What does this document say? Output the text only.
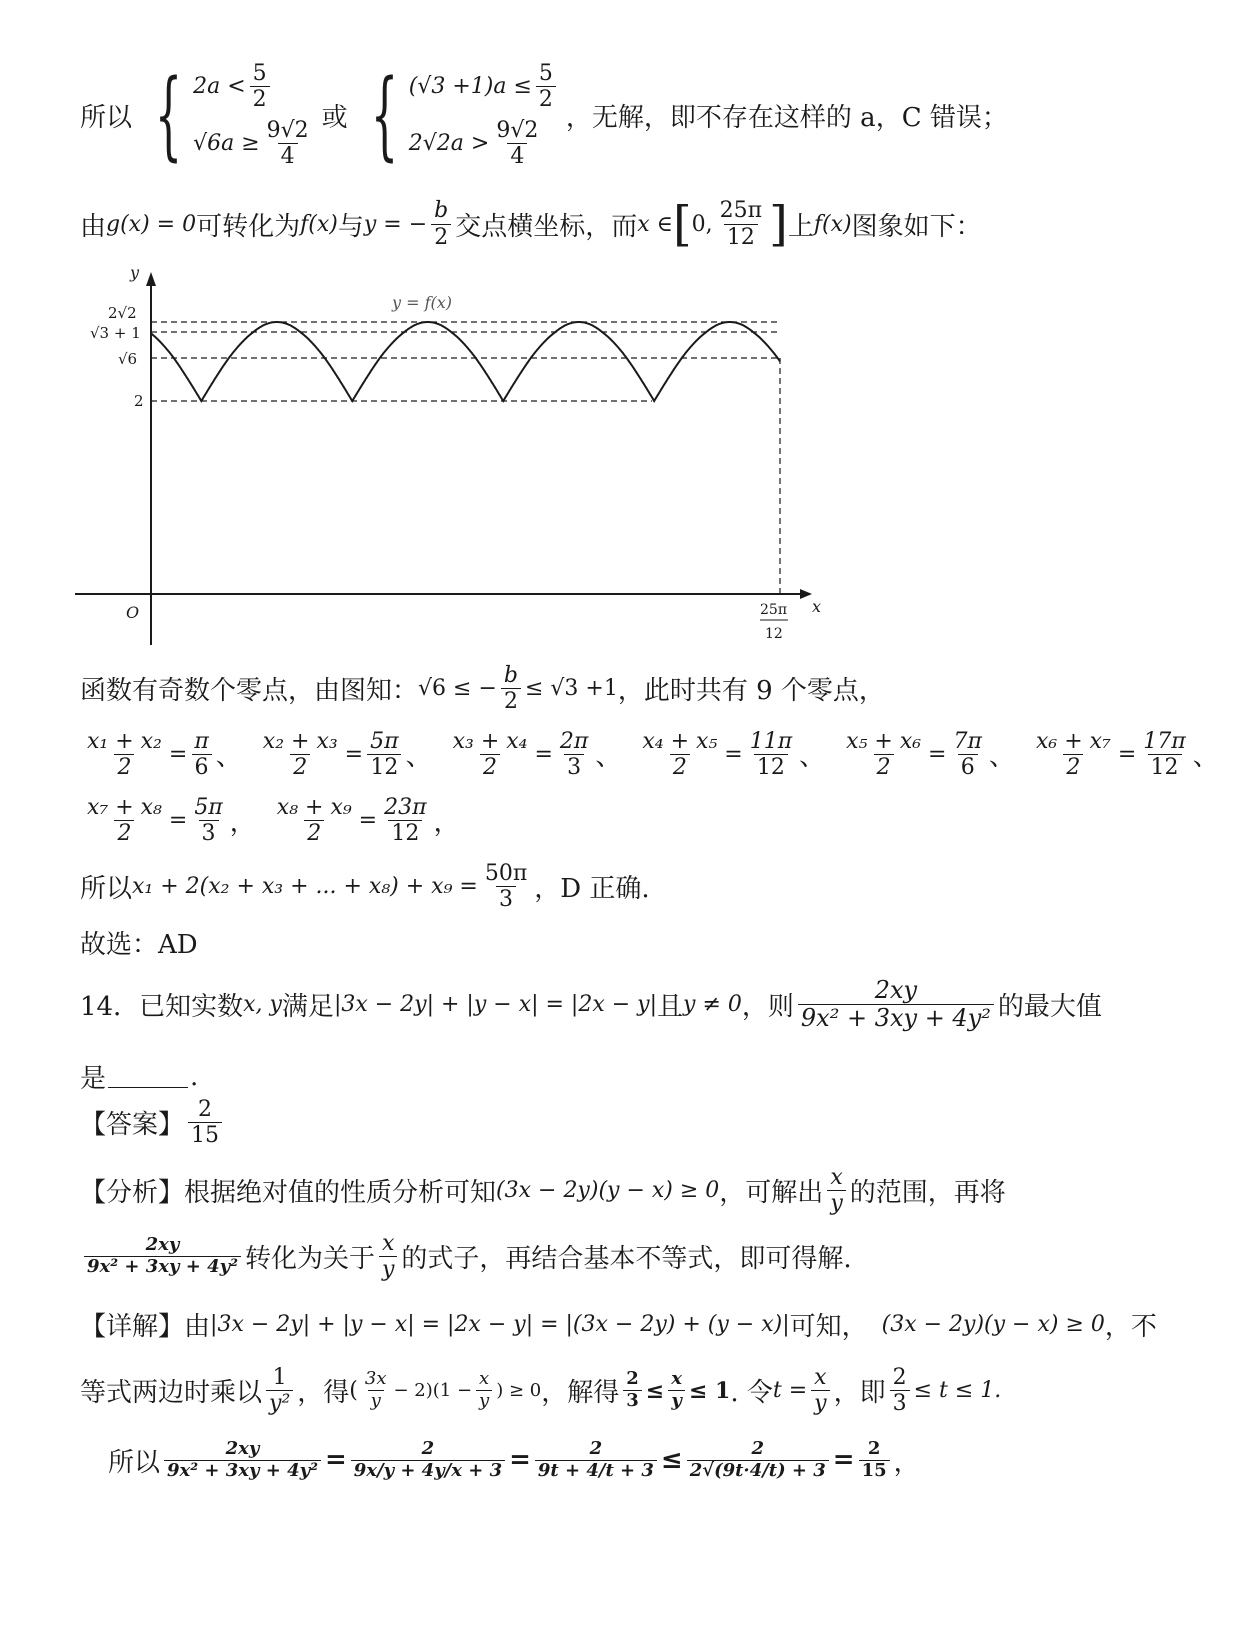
所以 { $2a < \frac{5}{2}$
$√6a \ge \frac{9√2}{4}$
或 { $(√3 +1)a \le \frac{5}{2}$
$2√2a > \frac{9√2}{4}$
，无解，即不存在这样的 a，C 错误；
由 g(x) = 0 可转化为 f(x) 与 y = − $\frac{b}{2}$ 交点横坐标，而 x ∈ [ 0, $\frac{25\pi}{12}$ ] 上 f(x) 图象如下：
y
x
O
y = f(x)
2√2
√3 + 1
√6
2
25π
12
函数有奇数个零点，由图知： √6 ≤ − $\frac{b}{2} \le √3 +1$ ，此时共有 9 个零点，
$\frac{\text{x₁ + x₂}}{2} = \frac{\pi}{6}$ 、 $\frac{\text{x₂ + x₃}}{2} = \frac{5\pi}{12}$ 、 $\frac{\text{x₃ + x₄}}{2} = \frac{2\pi}{3}$ 、 $\frac{\text{x₄ + x₅}}{2} = \frac{11\pi}{12}$ 、 $\frac{\text{x₅ + x₆}}{2} = \frac{7\pi}{6}$ 、 $\frac{\text{x₆ + x₇}}{2} = \frac{17\pi}{12}$ 、
$\frac{\text{x₇ + x₈}}{2} = \frac{5\pi}{3}$ ， $\frac{\text{x₈ + x₉}}{2} = \frac{23\pi}{12}$ ，
所以 x₁ + 2(x₂ + x₃ + ... + $x_8) + x_9 = \frac{50\pi}{3}$ ，D 正确.
故选：AD
14．已知实数 x, y 满足 |3x − 2y| + |y − x| = |2x − y| 且 y ≠ 0 ，则 $\frac{2xy}{\text{9x² + 3xy + 4y²}}$ 的最大值
是	.
【答案】 $\frac{2}{15}$
【分析】 根据绝对值的性质分析可知 (3x − 2y)(y − x) ≥ 0 ，可解出 $\frac{x}{y}$ 的范围，再将
$\frac{2xy}{\text{9x² + 3xy + 4y²}}$ 转化为关于 $\frac{x}{y}$ 的式子，再结合基本不等式，即可得解.
【详解】 由 |3x − 2y| + |y − x| = |2x − y| = |(3x − 2y) + (y − x)| 可知， (3x − 2y)(y − x) ≥ 0 ，不
等式两边时乘以 $\frac{1}{\text{y²}}$ ，得 ( $\frac{3x}{y} - 2)(1 - \frac{x}{y}$ ) ≥ 0 ，解得 $\frac{2}{3} \le \frac{x}{y} \le 1$ . 令 $t = \frac{x}{y}$ ，即 $\frac{2}{3} \le t \le 1$.
所以 $\frac{2xy}{\text{9x² + 3xy + 4y²}} = \frac{2}{9x/y + 4y/x + 3} = \frac{2}{9t + 4/t + 3} \le \frac{2}{2√(9t\cdot 4/t) + 3} = \frac{2}{15}$ ，
